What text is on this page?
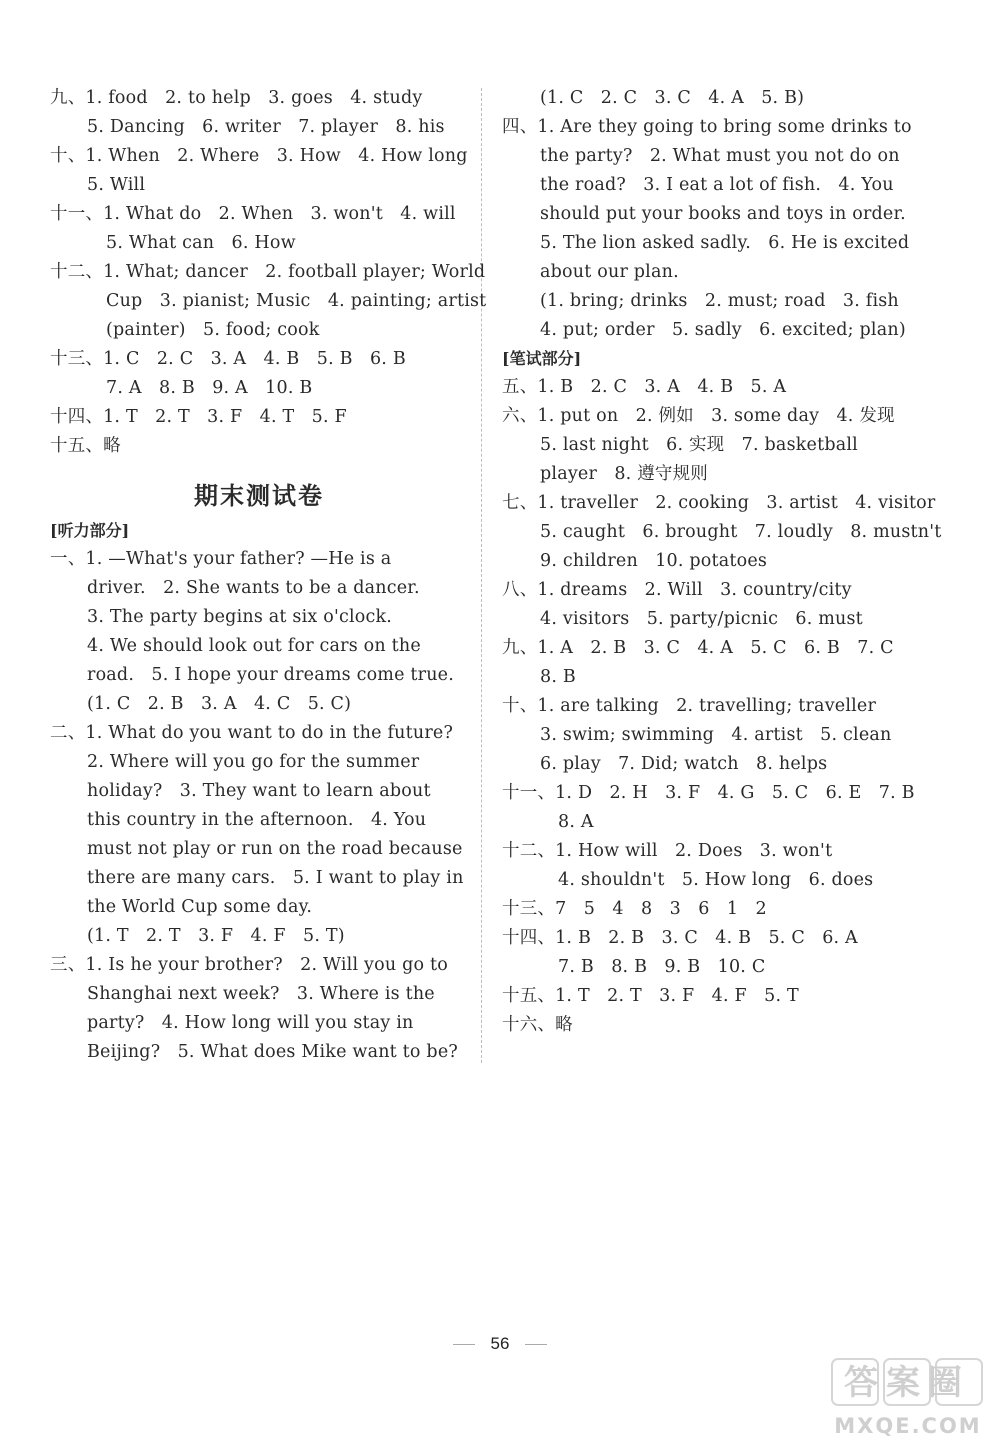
九、1. food   2. to help   3. goes   4. study
5. Dancing   6. writer   7. player   8. his
十、1. When   2. Where   3. How   4. How long
5. Will
十一、1. What do   2. When   3. won't   4. will
5. What can   6. How
十二、1. What; dancer   2. football player; World
Cup   3. pianist; Music   4. painting; artist
(painter)   5. food; cook
十三、1. C   2. C   3. A   4. B   5. B   6. B
7. A   8. B   9. A   10. B
十四、1. T   2. T   3. F   4. T   5. F
十五、略
期末测试卷
[听力部分]
一、1. —What's your father? —He is a
driver.   2. She wants to be a dancer.
3. The party begins at six o'clock.
4. We should look out for cars on the
road.   5. I hope your dreams come true.
(1. C   2. B   3. A   4. C   5. C)
二、1. What do you want to do in the future?
2. Where will you go for the summer
holiday?   3. They want to learn about
this country in the afternoon.   4. You
must not play or run on the road because
there are many cars.   5. I want to play in
the World Cup some day.
(1. T   2. T   3. F   4. F   5. T)
三、1. Is he your brother?   2. Will you go to
Shanghai next week?   3. Where is the
party?   4. How long will you stay in
Beijing?   5. What does Mike want to be?
(1. C   2. C   3. C   4. A   5. B)
四、1. Are they going to bring some drinks to
the party?   2. What must you not do on
the road?   3. I eat a lot of fish.   4. You
should put your books and toys in order.
5. The lion asked sadly.   6. He is excited
about our plan.
(1. bring; drinks   2. must; road   3. fish
4. put; order   5. sadly   6. excited; plan)
[笔试部分]
五、1. B   2. C   3. A   4. B   5. A
六、1. put on   2. 例如   3. some day   4. 发现
5. last night   6. 实现   7. basketball
player   8. 遵守规则
七、1. traveller   2. cooking   3. artist   4. visitor
5. caught   6. brought   7. loudly   8. mustn't
9. children   10. potatoes
八、1. dreams   2. Will   3. country/city
4. visitors   5. party/picnic   6. must
九、1. A   2. B   3. C   4. A   5. C   6. B   7. C
8. B
十、1. are talking   2. travelling; traveller
3. swim; swimming   4. artist   5. clean
6. play   7. Did; watch   8. helps
十一、1. D   2. H   3. F   4. G   5. C   6. E   7. B
8. A
十二、1. How will   2. Does   3. won't
4. shouldn't   5. How long   6. does
十三、7   5   4   8   3   6   1   2
十四、1. B   2. B   3. C   4. B   5. C   6. A
7. B   8. B   9. B   10. C
十五、1. T   2. T   3. F   4. F   5. T
十六、略
56
答案圈
MXQE.COM
